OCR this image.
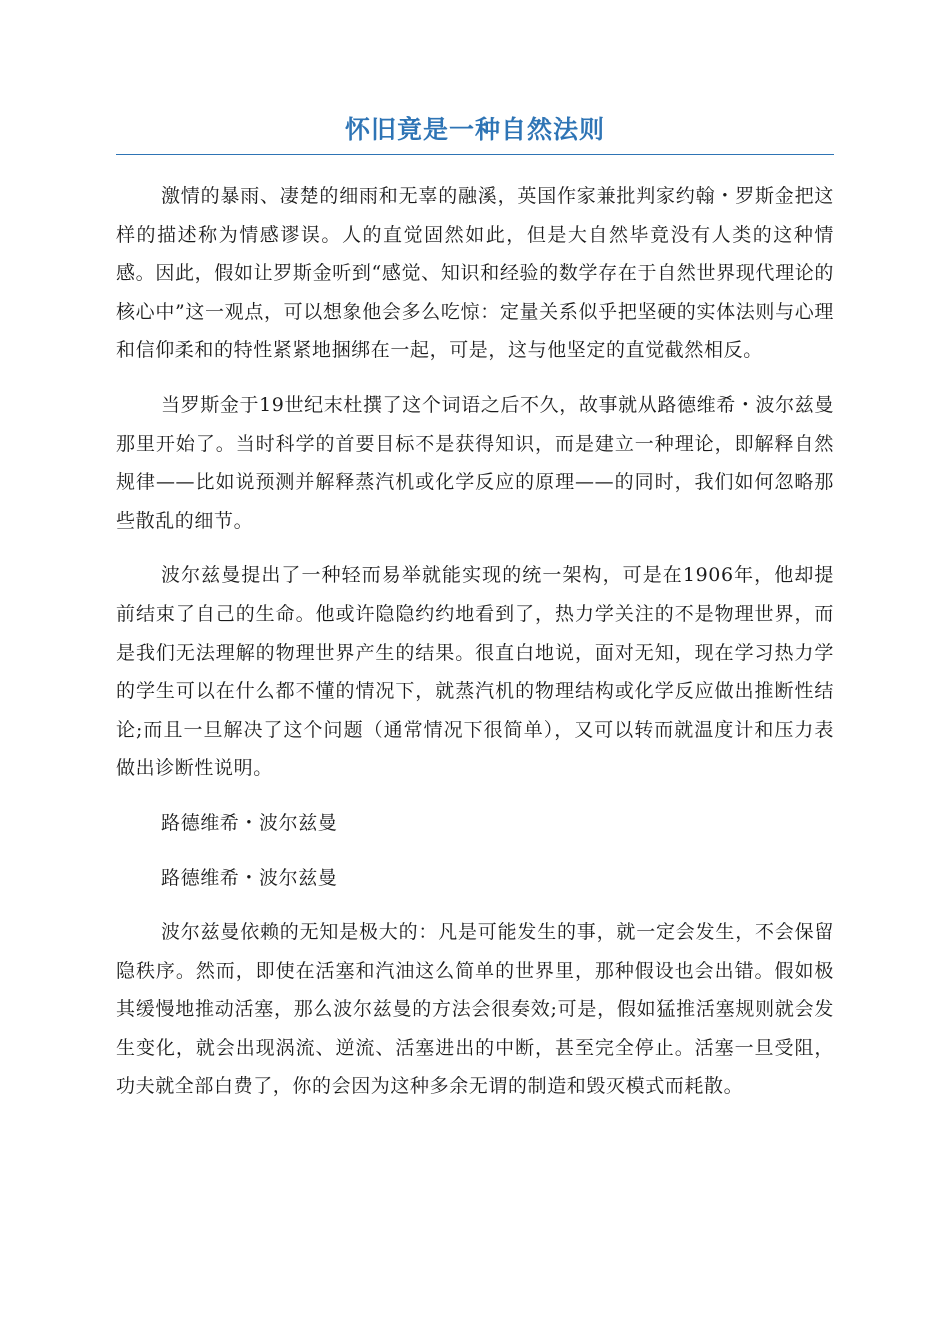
怀旧竟是一种自然法则

激情的暴雨、凄楚的细雨和无辜的融溪，英国作家兼批判家约翰・罗斯金把这样的描述称为情感谬误。人的直觉固然如此，但是大自然毕竟没有人类的这种情感。因此，假如让罗斯金听到“感觉、知识和经验的数学存在于自然世界现代理论的核心中”这一观点，可以想象他会多么吃惊：定量关系似乎把坚硬的实体法则与心理和信仰柔和的特性紧紧地捆绑在一起，可是，这与他坚定的直觉截然相反。

当罗斯金于19世纪末杜撰了这个词语之后不久，故事就从路德维希・波尔兹曼那里开始了。当时科学的首要目标不是获得知识，而是建立一种理论，即解释自然规律——比如说预测并解释蒸汽机或化学反应的原理——的同时，我们如何忽略那些散乱的细节。

波尔兹曼提出了一种轻而易举就能实现的统一架构，可是在1906年，他却提前结束了自己的生命。他或许隐隐约约地看到了，热力学关注的不是物理世界，而是我们无法理解的物理世界产生的结果。很直白地说，面对无知，现在学习热力学的学生可以在什么都不懂的情况下，就蒸汽机的物理结构或化学反应做出推断性结论;而且一旦解决了这个问题（通常情况下很简单），又可以转而就温度计和压力表做出诊断性说明。

路德维希・波尔兹曼

路德维希・波尔兹曼

波尔兹曼依赖的无知是极大的：凡是可能发生的事，就一定会发生，不会保留隐秩序。然而，即使在活塞和汽油这么简单的世界里，那种假设也会出错。假如极其缓慢地推动活塞，那么波尔兹曼的方法会很奏效;可是，假如猛推活塞规则就会发生变化，就会出现涡流、逆流、活塞进出的中断，甚至完全停止。活塞一旦受阻，功夫就全部白费了，你的会因为这种多余无谓的制造和毁灭模式而耗散。
